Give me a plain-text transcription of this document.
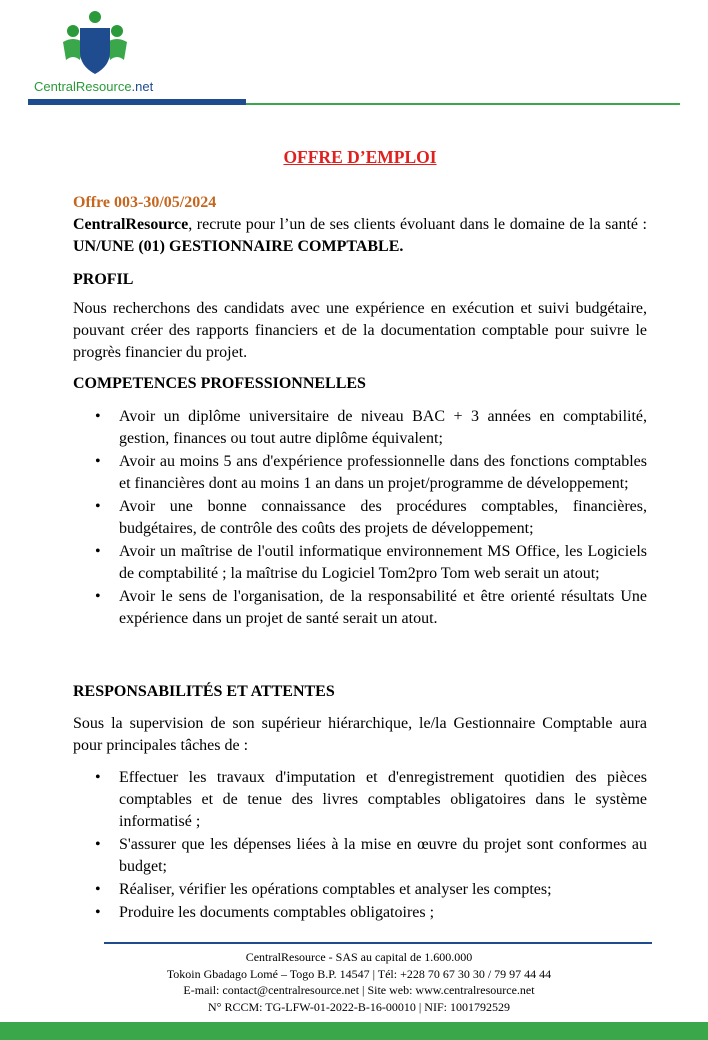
CentralResource.net
OFFRE D’EMPLOI
Offre 003-30/05/2024
CentralResource, recrute pour l’un de ses clients évoluant dans le domaine de la santé : UN/UNE (01) GESTIONNAIRE COMPTABLE.
PROFIL
Nous recherchons des candidats avec une expérience en exécution et suivi budgétaire, pouvant créer des rapports financiers et de la documentation comptable pour suivre le progrès financier du projet.
COMPETENCES PROFESSIONNELLES
• Avoir un diplôme universitaire de niveau BAC + 3 années en comptabilité, gestion, finances ou tout autre diplôme équivalent;
• Avoir au moins 5 ans d'expérience professionnelle dans des fonctions comptables et financières dont au moins 1 an dans un projet/programme de développement;
• Avoir une bonne connaissance des procédures comptables, financières, budgétaires, de contrôle des coûts des projets de développement;
• Avoir un maîtrise de l'outil informatique environnement MS Office, les Logiciels de comptabilité ; la maîtrise du Logiciel Tom2pro Tom web serait un atout;
• Avoir le sens de l'organisation, de la responsabilité et être orienté résultats Une expérience dans un projet de santé serait un atout.
RESPONSABILITÉS ET ATTENTES
Sous la supervision de son supérieur hiérarchique, le/la Gestionnaire Comptable aura pour principales tâches de :
• Effectuer les travaux d'imputation et d'enregistrement quotidien des pièces comptables et de tenue des livres comptables obligatoires dans le système informatisé ;
• S'assurer que les dépenses liées à la mise en œuvre du projet sont conformes au budget;
• Réaliser, vérifier les opérations comptables et analyser les comptes;
• Produire les documents comptables obligatoires ;
CentralResource - SAS au capital de 1.600.000
Tokoin Gbadago Lomé – Togo B.P. 14547 | Tél: +228 70 67 30 30 / 79 97 44 44
E-mail: contact@centralresource.net | Site web: www.centralresource.net
N° RCCM: TG-LFW-01-2022-B-16-00010 | NIF: 1001792529
